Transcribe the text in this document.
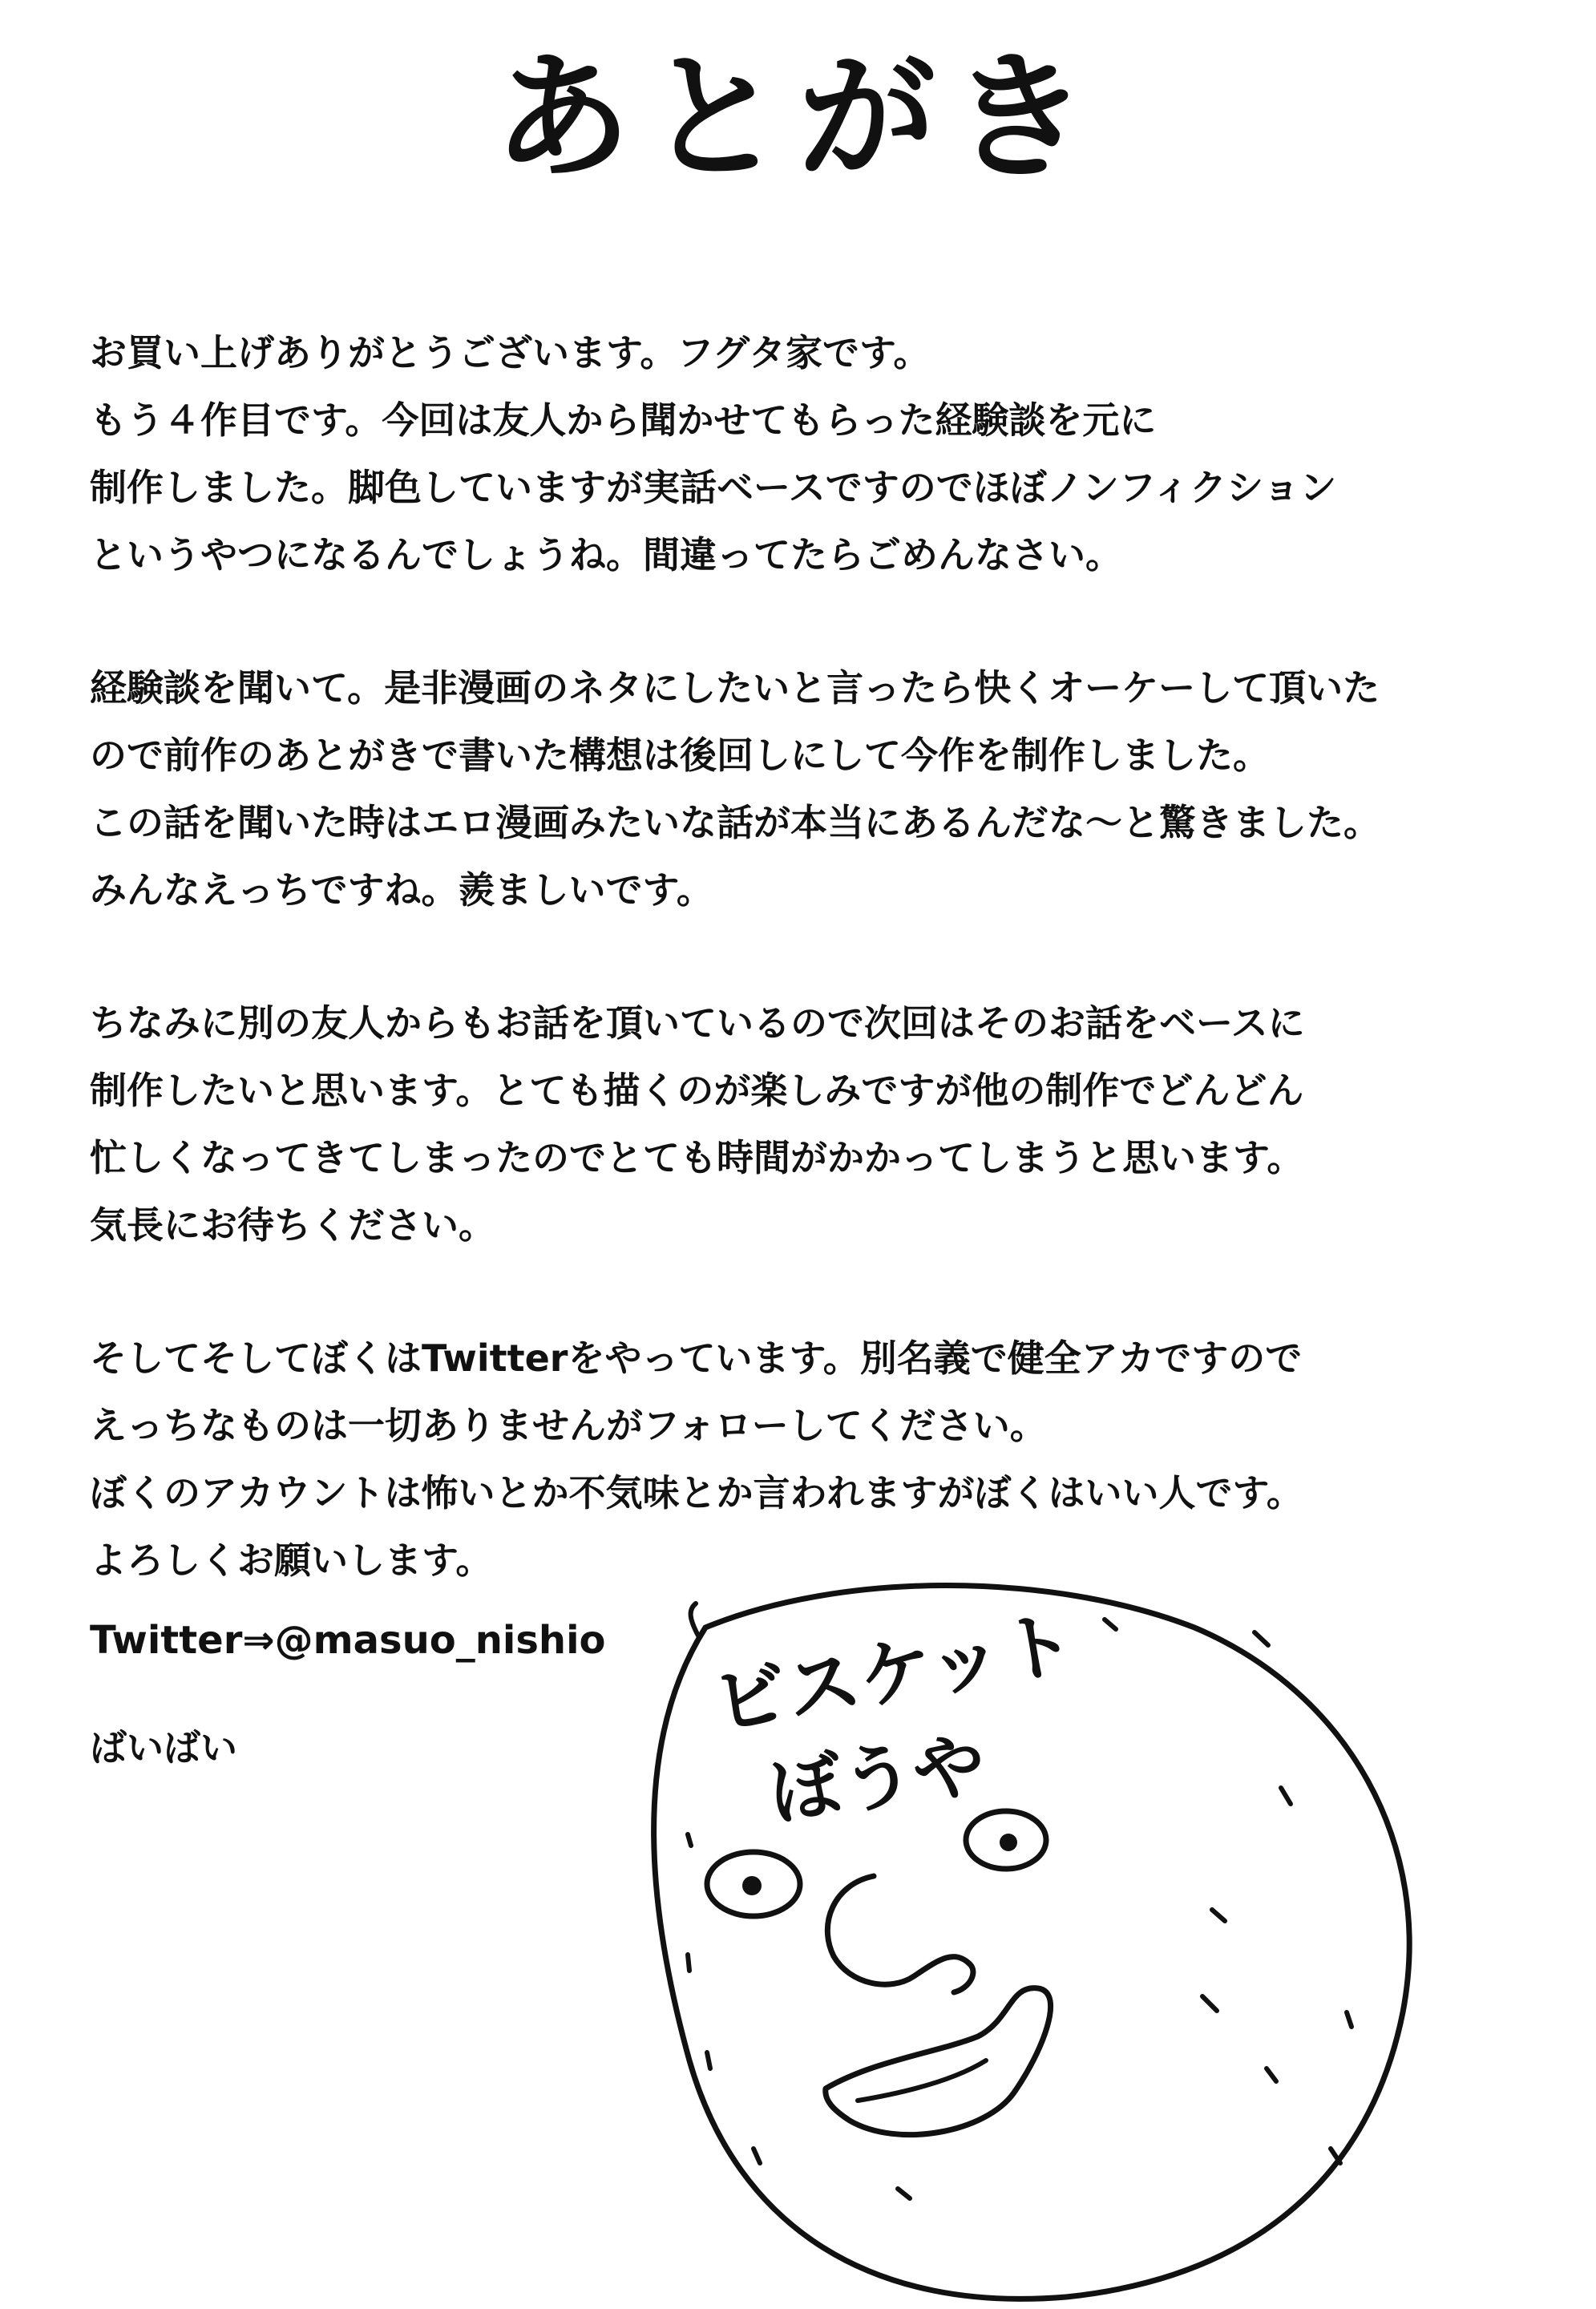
あとがき

お買い上げありがとうございます。フグタ家です。
もう４作目です。今回は友人から聞かせてもらった経験談を元に
制作しました。脚色していますが実話ベースですのでほぼノンフィクション
というやつになるんでしょうね。間違ってたらごめんなさい。

経験談を聞いて。是非漫画のネタにしたいと言ったら快くオーケーして頂いた
ので前作のあとがきで書いた構想は後回しにして今作を制作しました。
この話を聞いた時はエロ漫画みたいな話が本当にあるんだな〜と驚きました。
みんなえっちですね。羨ましいです。

ちなみに別の友人からもお話を頂いているので次回はそのお話をベースに
制作したいと思います。とても描くのが楽しみですが他の制作でどんどん
忙しくなってきてしまったのでとても時間がかかってしまうと思います。
気長にお待ちください。

そしてそしてぼくはTwitterをやっています。別名義で健全アカですので
えっちなものは一切ありませんがフォローしてください。
ぼくのアカウントは怖いとか不気味とか言われますがぼくはいい人です。
よろしくお願いします。

Twitter⇒@masuo_nishio
ばいばい
ビスケット
ぼうや
